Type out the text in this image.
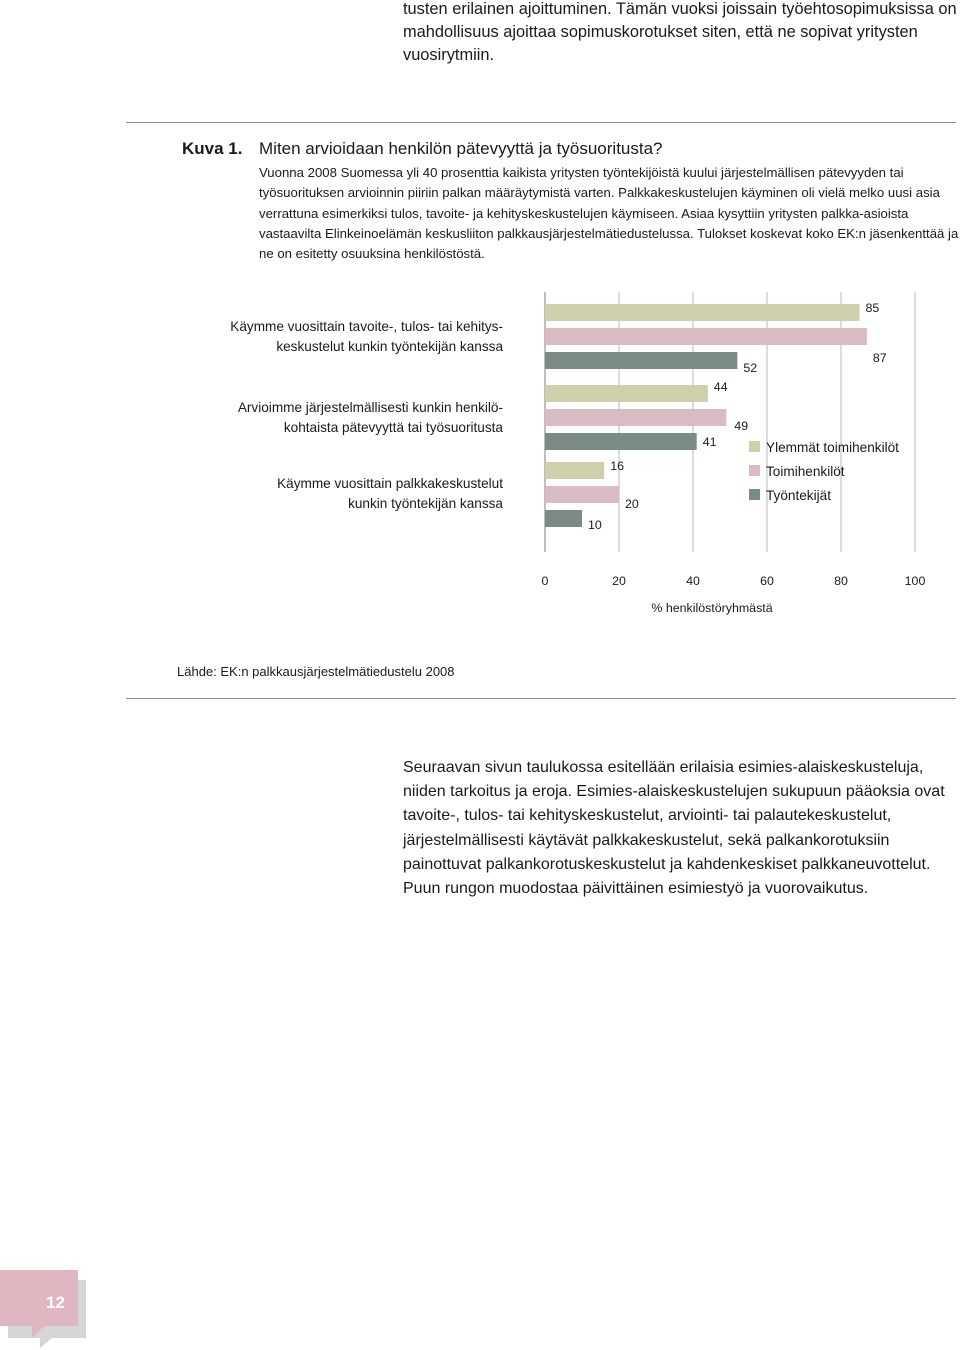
tusten erilainen ajoittuminen. Tämän vuoksi joissain työehtosopimuksissa on mahdollisuus ajoittaa sopimuskorotukset siten, että ne sopivat yritysten vuosirytmiin.

Kuva 1. Miten arvioidaan henkilön pätevyyttä ja työsuoritusta?

Vuonna 2008 Suomessa yli 40 prosenttia kaikista yritysten työntekijöistä kuului järjestelmällisen pätevyyden tai työsuorituksen arvioinnin piiriin palkan määräytymistä varten. Palkkakeskustelujen käyminen oli vielä melko uusi asia verrattuna esimerkiksi tulos, tavoite- ja kehityskeskustelujen käymiseen. Asiaa kysyttiin yritysten palkka-asioista vastaavilta Elinkeinoelämän keskusliiton palkkausjärjestelmätiedustelussa. Tulokset koskevat koko EK:n jäsenkenttää ja ne on esitetty osuuksina henkilöstöstä.

Käymme vuosittain tavoite-, tulos- tai kehitys-
keskustelut kunkin työntekijän kanssa
Arvioimme järjestelmällisesti kunkin henkilö-
kohtaista pätevyyttä tai työsuoritusta
Käymme vuosittain palkkakeskustelut
kunkin työntekijän kanssa
0	20	40	60	80	100
% henkilöstöryhmästä
85
87
52
44
49
41
16
20
10
Ylemmät toimihenkilöt
Toimihenkilöt
Työntekijät

Lähde: EK:n palkkausjärjestelmätiedustelu 2008

Seuraavan sivun taulukossa esitellään erilaisia esimies-alaiskeskusteluja, niiden tarkoitus ja eroja. Esimies-alaiskeskustelujen sukupuun pääoksia ovat tavoite-, tulos- tai kehityskeskustelut, arviointi- tai palautekeskustelut, järjestelmällisesti käytävät palkkakeskustelut, sekä palkankorotuksiin painottuvat palkankorotuskeskustelut ja kahdenkeskiset palkkaneuvottelut. Puun rungon muodostaa päivittäinen esimiestyö ja vuorovaikutus.

12
